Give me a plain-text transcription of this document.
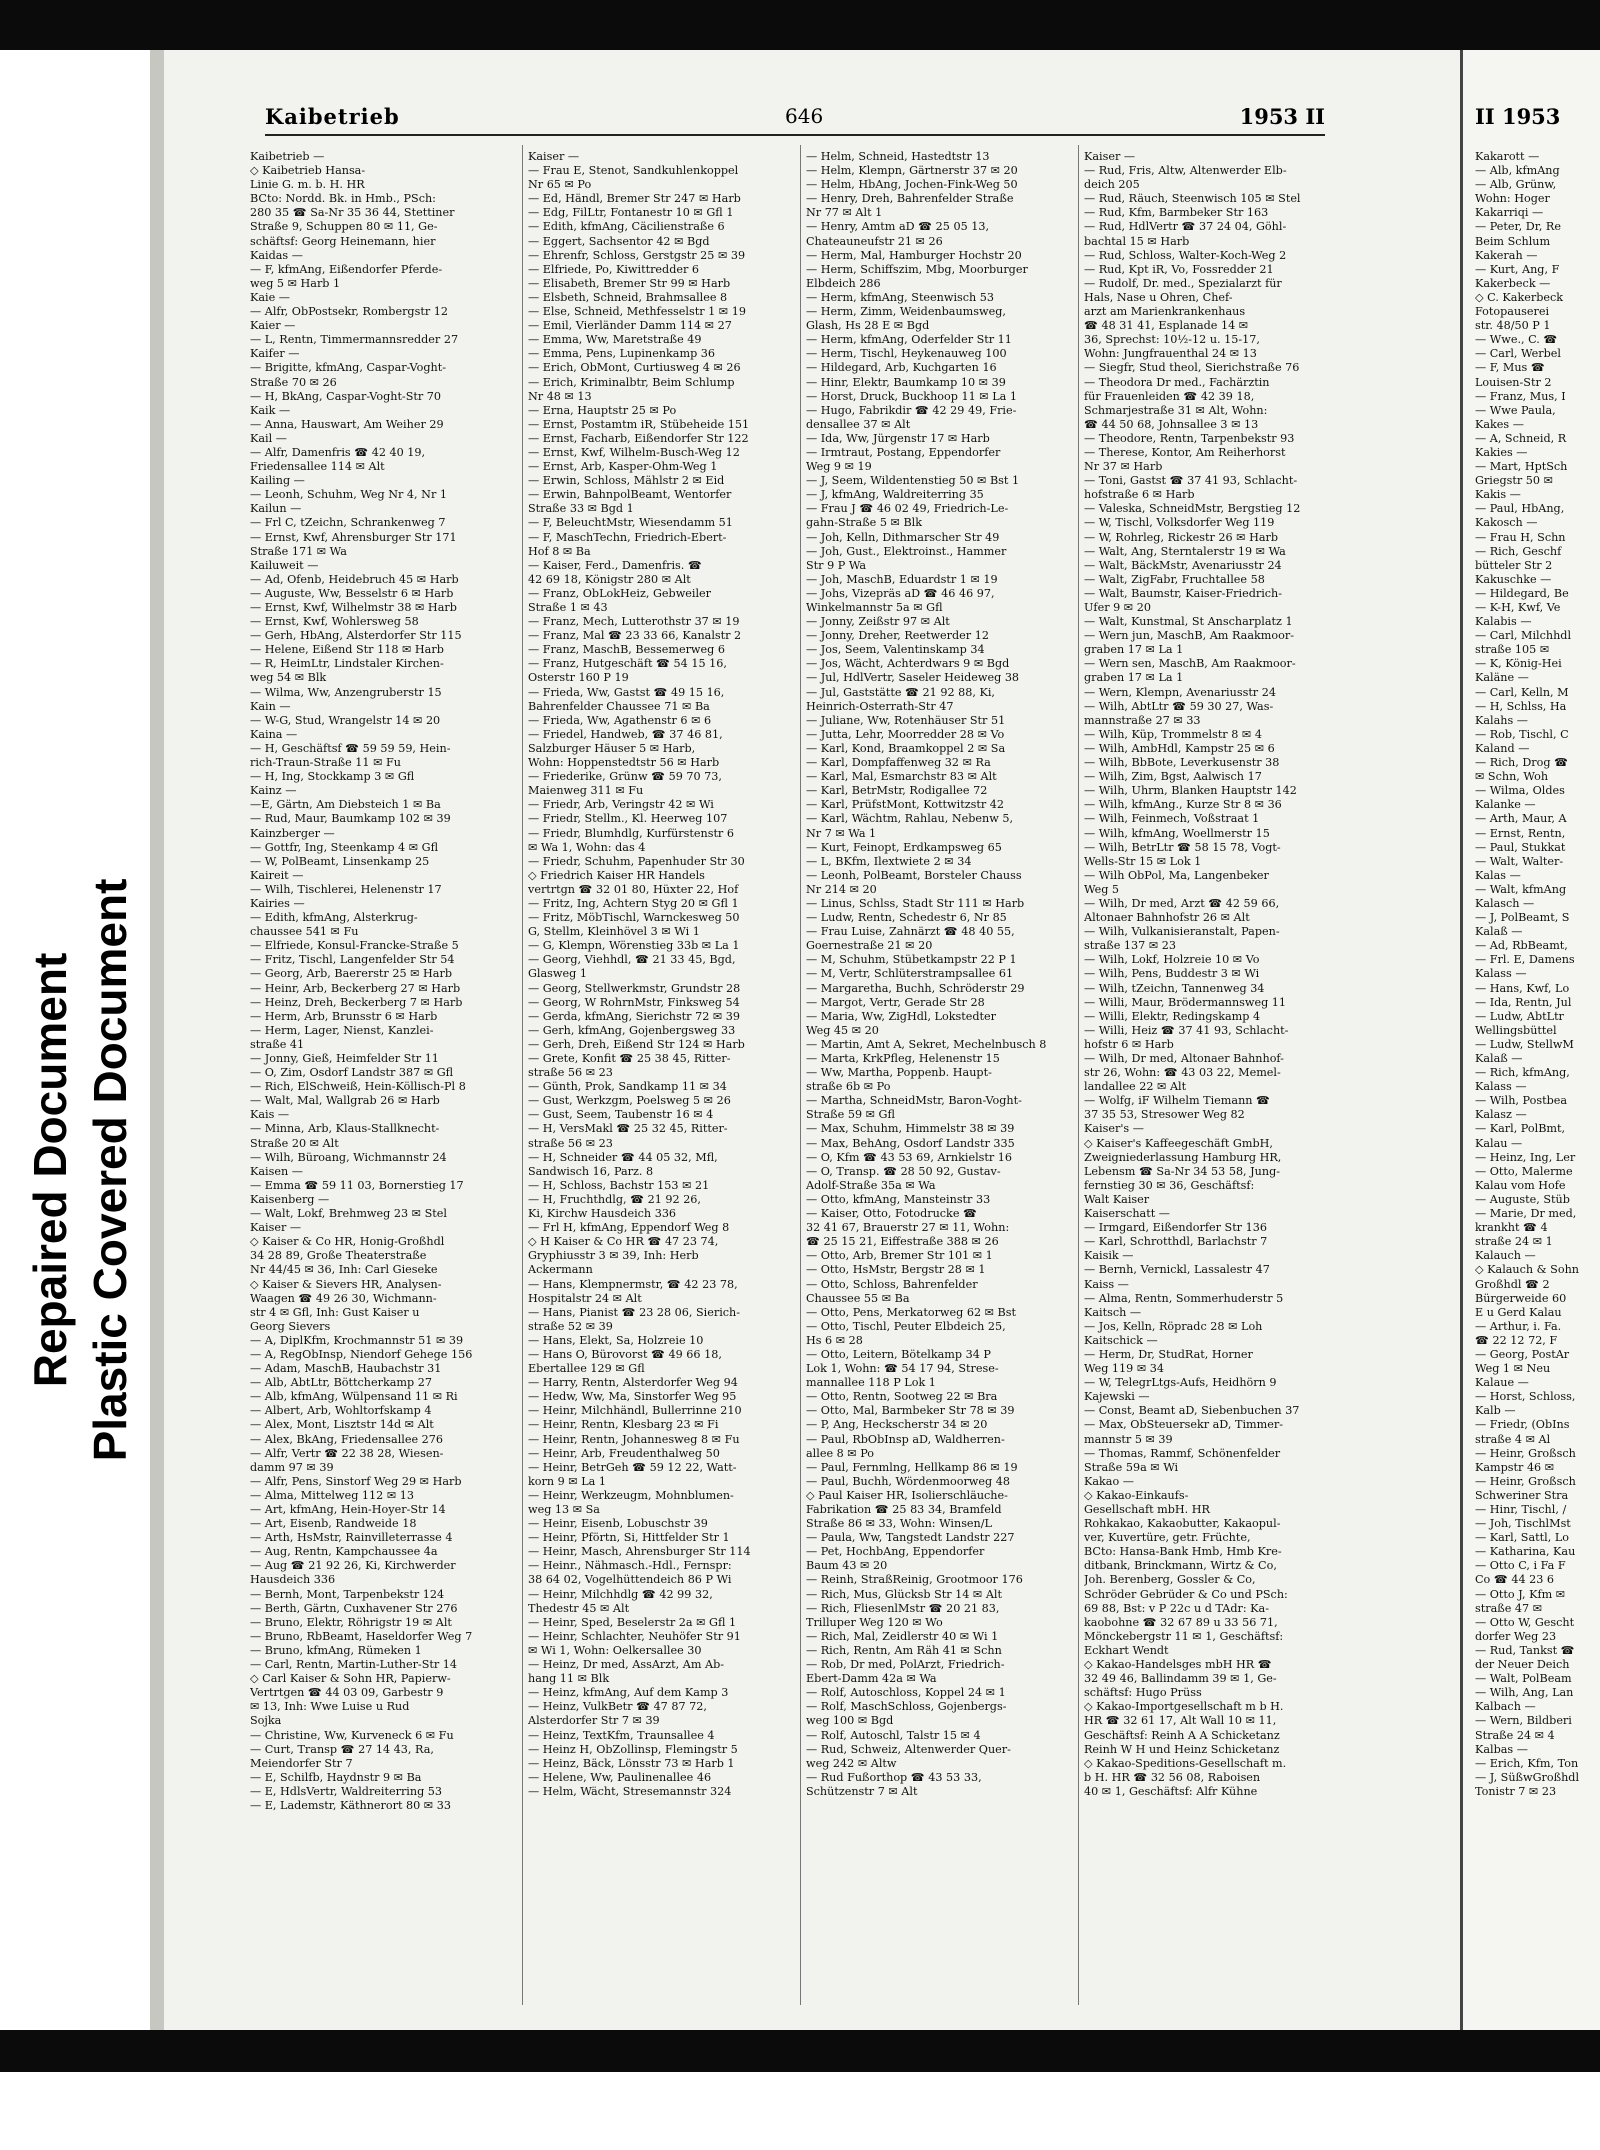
Repaired Document Plastic Covered Document
Kaibetrieb	646	1953 II	II 1953
Kaibetrieb —
◇ Kaibetrieb Hansa-
Linie G. m. b. H. HR
BCto: Nordd. Bk. in Hmb., PSch:
280 35 ☎ Sa-Nr 35 36 44, Stettiner
Straße 9, Schuppen 80 ✉ 11, Ge-
schäftsf: Georg Heinemann, hier
Kaidas —
— F, kfmAng, Eißendorfer Pferde-
weg 5 ✉ Harb 1
Kaie —
— Alfr, ObPostsekr, Rombergstr 12
Kaier —
— L, Rentn, Timmermannsredder 27
Kaifer —
— Brigitte, kfmAng, Caspar-Voght-
Straße 70 ✉ 26
— H, BkAng, Caspar-Voght-Str 70
Kaik —
— Anna, Hauswart, Am Weiher 29
Kail —
— Alfr, Damenfris ☎ 42 40 19,
Friedensallee 114 ✉ Alt
Kailing —
— Leonh, Schuhm, Weg Nr 4, Nr 1
Kailun —
— Frl C, tZeichn, Schrankenweg 7
— Ernst, Kwf, Ahrensburger Str 171
Straße 171 ✉ Wa
Kailuweit —
— Ad, Ofenb, Heidebruch 45 ✉ Harb
— Auguste, Ww, Besselstr 6 ✉ Harb
— Ernst, Kwf, Wilhelmstr 38 ✉ Harb
— Ernst, Kwf, Wohlersweg 58
— Gerh, HbAng, Alsterdorfer Str 115
— Helene, Eißend Str 118 ✉ Harb
— R, HeimLtr, Lindstaler Kirchen-
weg 54 ✉ Blk
— Wilma, Ww, Anzengruberstr 15
Kain —
— W-G, Stud, Wrangelstr 14 ✉ 20
Kaina —
— H, Geschäftsf ☎ 59 59 59, Hein-
rich-Traun-Straße 11 ✉ Fu
— H, Ing, Stockkamp 3 ✉ Gfl
Kainz —
—E, Gärtn, Am Diebsteich 1 ✉ Ba
— Rud, Maur, Baumkamp 102 ✉ 39
Kainzberger —
— Gottfr, Ing, Steenkamp 4 ✉ Gfl
— W, PolBeamt, Linsenkamp 25
Kaireit —
— Wilh, Tischlerei, Helenenstr 17
Kairies —
— Edith, kfmAng, Alsterkrug-
chaussee 541 ✉ Fu
— Elfriede, Konsul-Francke-Straße 5
— Fritz, Tischl, Langenfelder Str 54
— Georg, Arb, Baererstr 25 ✉ Harb
— Heinr, Arb, Beckerberg 27 ✉ Harb
— Heinz, Dreh, Beckerberg 7 ✉ Harb
— Herm, Arb, Brunsstr 6 ✉ Harb
— Herm, Lager, Nienst, Kanzlei-
straße 41
— Jonny, Gieß, Heimfelder Str 11
— O, Zim, Osdorf Landstr 387 ✉ Gfl
— Rich, ElSchweiß, Hein-Köllisch-Pl 8
— Walt, Mal, Wallgrab 26 ✉ Harb
Kais —
— Minna, Arb, Klaus-Stallknecht-
Straße 20 ✉ Alt
— Wilh, Büroang, Wichmannstr 24
Kaisen —
— Emma ☎ 59 11 03, Bornerstieg 17
Kaisenberg —
— Walt, Lokf, Brehmweg 23 ✉ Stel
Kaiser —
◇ Kaiser & Co HR, Honig-Großhdl
34 28 89, Große Theaterstraße
Nr 44/45 ✉ 36, Inh: Carl Gieseke
◇ Kaiser & Sievers HR, Analysen-
Waagen ☎ 49 26 30, Wichmann-
str 4 ✉ Gfl, Inh: Gust Kaiser u
Georg Sievers
— A, DiplKfm, Krochmannstr 51 ✉ 39
— A, RegObInsp, Niendorf Gehege 156
— Adam, MaschB, Haubachstr 31
— Alb, AbtLtr, Böttcherkamp 27
— Alb, kfmAng, Wülpensand 11 ✉ Ri
— Albert, Arb, Wohltorfskamp 4
— Alex, Mont, Lisztstr 14d ✉ Alt
— Alex, BkAng, Friedensallee 276
— Alfr, Vertr ☎ 22 38 28, Wiesen-
damm 97 ✉ 39
— Alfr, Pens, Sinstorf Weg 29 ✉ Harb
— Alma, Mittelweg 112 ✉ 13
— Art, kfmAng, Hein-Hoyer-Str 14
— Art, Eisenb, Randweide 18
— Arth, HsMstr, Rainvilleterrasse 4
— Aug, Rentn, Kampchaussee 4a
— Aug ☎ 21 92 26, Ki, Kirchwerder
Hausdeich 336
— Bernh, Mont, Tarpenbekstr 124
— Berth, Gärtn, Cuxhavener Str 276
— Bruno, Elektr, Röhrigstr 19 ✉ Alt
— Bruno, RbBeamt, Haseldorfer Weg 7
— Bruno, kfmAng, Rümeken 1
— Carl, Rentn, Martin-Luther-Str 14
◇ Carl Kaiser & Sohn HR, Papierw-
Vertrtgen ☎ 44 03 09, Garbestr 9
✉ 13, Inh: Wwe Luise u Rud
Sojka
— Christine, Ww, Kurveneck 6 ✉ Fu
— Curt, Transp ☎ 27 14 43, Ra,
Meiendorfer Str 7
— E, Schilfb, Haydnstr 9 ✉ Ba
— E, HdlsVertr, Waldreiterring 53
— E, Lademstr, Käthnerort 80 ✉ 33
Kaiser —
— Frau E, Stenot, Sandkuhlenkoppel
Nr 65 ✉ Po
— Ed, Händl, Bremer Str 247 ✉ Harb
— Edg, FilLtr, Fontanestr 10 ✉ Gfl 1
— Edith, kfmAng, Cäcilienstraße 6
— Eggert, Sachsentor 42 ✉ Bgd
— Ehrenfr, Schloss, Gerstgstr 25 ✉ 39
— Elfriede, Po, Kiwittredder 6
— Elisabeth, Bremer Str 99 ✉ Harb
— Elsbeth, Schneid, Brahmsallee 8
— Else, Schneid, Methfesselstr 1 ✉ 19
— Emil, Vierländer Damm 114 ✉ 27
— Emma, Ww, Maretstraße 49
— Emma, Pens, Lupinenkamp 36
— Erich, ObMont, Curtiusweg 4 ✉ 26
— Erich, Kriminalbtr, Beim Schlump
Nr 48 ✉ 13
— Erna, Hauptstr 25 ✉ Po
— Ernst, Postamtm iR, Stübeheide 151
— Ernst, Facharb, Eißendorfer Str 122
— Ernst, Kwf, Wilhelm-Busch-Weg 12
— Ernst, Arb, Kasper-Ohm-Weg 1
— Erwin, Schloss, Mählstr 2 ✉ Eid
— Erwin, BahnpolBeamt, Wentorfer
Straße 33 ✉ Bgd 1
— F, BeleuchtMstr, Wiesendamm 51
— F, MaschTechn, Friedrich-Ebert-
Hof 8 ✉ Ba
— Kaiser, Ferd., Damenfris. ☎
42 69 18, Königstr 280 ✉ Alt
— Franz, ObLokHeiz, Gebweiler
Straße 1 ✉ 43
— Franz, Mech, Lutterothstr 37 ✉ 19
— Franz, Mal ☎ 23 33 66, Kanalstr 2
— Franz, MaschB, Bessemerweg 6
— Franz, Hutgeschäft ☎ 54 15 16,
Osterstr 160 P 19
— Frieda, Ww, Gastst ☎ 49 15 16,
Bahrenfelder Chaussee 71 ✉ Ba
— Frieda, Ww, Agathenstr 6 ✉ 6
— Friedel, Handweb, ☎ 37 46 81,
Salzburger Häuser 5 ✉ Harb,
Wohn: Hoppenstedtstr 56 ✉ Harb
— Friederike, Grünw ☎ 59 70 73,
Maienweg 311 ✉ Fu
— Friedr, Arb, Veringstr 42 ✉ Wi
— Friedr, Stellm., Kl. Heerweg 107
— Friedr, Blumhdlg, Kurfürstenstr 6
✉ Wa 1, Wohn: das 4
— Friedr, Schuhm, Papenhuder Str 30
◇ Friedrich Kaiser HR Handels
vertrtgn ☎ 32 01 80, Hüxter 22, Hof
— Fritz, Ing, Achtern Styg 20 ✉ Gfl 1
— Fritz, MöbTischl, Warnckesweg 50
G, Stellm, Kleinhövel 3 ✉ Wi 1
— G, Klempn, Wörenstieg 33b ✉ La 1
— Georg, Viehhdl, ☎ 21 33 45, Bgd,
Glasweg 1
— Georg, Stellwerkmstr, Grundstr 28
— Georg, W RohrnMstr, Finksweg 54
— Gerda, kfmAng, Sierichstr 72 ✉ 39
— Gerh, kfmAng, Gojenbergsweg 33
— Gerh, Dreh, Eißend Str 124 ✉ Harb
— Grete, Konfit ☎ 25 38 45, Ritter-
straße 56 ✉ 23
— Günth, Prok, Sandkamp 11 ✉ 34
— Gust, Werkzgm, Poelsweg 5 ✉ 26
— Gust, Seem, Taubenstr 16 ✉ 4
— H, VersMakl ☎ 25 32 45, Ritter-
straße 56 ✉ 23
— H, Schneider ☎ 44 05 32, Mfl,
Sandwisch 16, Parz. 8
— H, Schloss, Bachstr 153 ✉ 21
— H, Fruchthdlg, ☎ 21 92 26,
Ki, Kirchw Hausdeich 336
— Frl H, kfmAng, Eppendorf Weg 8
◇ H Kaiser & Co HR ☎ 47 23 74,
Gryphiusstr 3 ✉ 39, Inh: Herb
Ackermann
— Hans, Klempnermstr, ☎ 42 23 78,
Hospitalstr 24 ✉ Alt
— Hans, Pianist ☎ 23 28 06, Sierich-
straße 52 ✉ 39
— Hans, Elekt, Sa, Holzreie 10
— Hans O, Bürovorst ☎ 49 66 18,
Ebertallee 129 ✉ Gfl
— Harry, Rentn, Alsterdorfer Weg 94
— Hedw, Ww, Ma, Sinstorfer Weg 95
— Heinr, Milchhändl, Bullerrinne 210
— Heinr, Rentn, Klesbarg 23 ✉ Fi
— Heinr, Rentn, Johannesweg 8 ✉ Fu
— Heinr, Arb, Freudenthalweg 50
— Heinr, BetrGeh ☎ 59 12 22, Watt-
korn 9 ✉ La 1
— Heinr, Werkzeugm, Mohnblumen-
weg 13 ✉ Sa
— Heinr, Eisenb, Lobuschstr 39
— Heinr, Pförtn, Si, Hittfelder Str 1
— Heinr, Masch, Ahrensburger Str 114
— Heinr., Nähmasch.-Hdl., Fernspr:
38 64 02, Vogelhüttendeich 86 P Wi
— Heinr, Milchhdlg ☎ 42 99 32,
Thedestr 45 ✉ Alt
— Heinr, Sped, Beselerstr 2a ✉ Gfl 1
— Heinr, Schlachter, Neuhöfer Str 91
✉ Wi 1, Wohn: Oelkersallee 30
— Heinz, Dr med, AssArzt, Am Ab-
hang 11 ✉ Blk
— Heinz, kfmAng, Auf dem Kamp 3
— Heinz, VulkBetr ☎ 47 87 72,
Alsterdorfer Str 7 ✉ 39
— Heinz, TextKfm, Traunsallee 4
— Heinz H, ObZollinsp, Flemingstr 5
— Heinz, Bäck, Lönsstr 73 ✉ Harb 1
— Helene, Ww, Paulinenallee 46
— Helm, Wächt, Stresemannstr 324
— Helm, Schneid, Hastedtstr 13
— Helm, Klempn, Gärtnerstr 37 ✉ 20
— Helm, HbAng, Jochen-Fink-Weg 50
— Henry, Dreh, Bahrenfelder Straße
Nr 77 ✉ Alt 1
— Henry, Amtm aD ☎ 25 05 13,
Chateauneufstr 21 ✉ 26
— Herm, Mal, Hamburger Hochstr 20
— Herm, Schiffszim, Mbg, Moorburger
Elbdeich 286
— Herm, kfmAng, Steenwisch 53
— Herm, Zimm, Weidenbaumsweg,
Glash, Hs 28 E ✉ Bgd
— Herm, kfmAng, Oderfelder Str 11
— Herm, Tischl, Heykenauweg 100
— Hildegard, Arb, Kuchgarten 16
— Hinr, Elektr, Baumkamp 10 ✉ 39
— Horst, Druck, Buckhoop 11 ✉ La 1
— Hugo, Fabrikdir ☎ 42 29 49, Frie-
densallee 37 ✉ Alt
— Ida, Ww, Jürgenstr 17 ✉ Harb
— Irmtraut, Postang, Eppendorfer
Weg 9 ✉ 19
— J, Seem, Wildentenstieg 50 ✉ Bst 1
— J, kfmAng, Waldreiterring 35
— Frau J ☎ 46 02 49, Friedrich-Le-
gahn-Straße 5 ✉ Blk
— Joh, Kelln, Dithmarscher Str 49
— Joh, Gust., Elektroinst., Hammer
Str 9 P Wa
— Joh, MaschB, Eduardstr 1 ✉ 19
— Johs, Vizepräs aD ☎ 46 46 97,
Winkelmannstr 5a ✉ Gfl
— Jonny, Zeißstr 97 ✉ Alt
— Jonny, Dreher, Reetwerder 12
— Jos, Seem, Valentinskamp 34
— Jos, Wächt, Achterdwars 9 ✉ Bgd
— Jul, HdlVertr, Saseler Heideweg 38
— Jul, Gaststätte ☎ 21 92 88, Ki,
Heinrich-Osterrath-Str 47
— Juliane, Ww, Rotenhäuser Str 51
— Jutta, Lehr, Moorredder 28 ✉ Vo
— Karl, Kond, Braamkoppel 2 ✉ Sa
— Karl, Dompfaffenweg 32 ✉ Ra
— Karl, Mal, Esmarchstr 83 ✉ Alt
— Karl, BetrMstr, Rodigallee 72
— Karl, PrüfstMont, Kottwitzstr 42
— Karl, Wächtm, Rahlau, Nebenw 5,
Nr 7 ✉ Wa 1
— Kurt, Feinopt, Erdkampsweg 65
— L, BKfm, Ilextwiete 2 ✉ 34
— Leonh, PolBeamt, Borsteler Chauss
Nr 214 ✉ 20
— Linus, Schlss, Stadt Str 111 ✉ Harb
— Ludw, Rentn, Schedestr 6, Nr 85
— Frau Luise, Zahnärzt ☎ 48 40 55,
Goernestraße 21 ✉ 20
— M, Schuhm, Stübetkampstr 22 P 1
— M, Vertr, Schlüterstrampsallee 61
— Margaretha, Buchh, Schröderstr 29
— Margot, Vertr, Gerade Str 28
— Maria, Ww, ZigHdl, Lokstedter
Weg 45 ✉ 20
— Martin, Amt A, Sekret, Mechelnbusch 8
— Marta, KrkPfleg, Helenenstr 15
— Ww, Martha, Poppenb. Haupt-
straße 6b ✉ Po
— Martha, SchneidMstr, Baron-Voght-
Straße 59 ✉ Gfl
— Max, Schuhm, Himmelstr 38 ✉ 39
— Max, BehAng, Osdorf Landstr 335
— O, Kfm ☎ 43 53 69, Arnkielstr 16
— O, Transp. ☎ 28 50 92, Gustav-
Adolf-Straße 35a ✉ Wa
— Otto, kfmAng, Mansteinstr 33
— Kaiser, Otto, Fotodrucke ☎
32 41 67, Brauerstr 27 ✉ 11, Wohn:
☎ 25 15 21, Eiffestraße 388 ✉ 26
— Otto, Arb, Bremer Str 101 ✉ 1
— Otto, HsMstr, Bergstr 28 ✉ 1
— Otto, Schloss, Bahrenfelder
Chaussee 55 ✉ Ba
— Otto, Pens, Merkatorweg 62 ✉ Bst
— Otto, Tischl, Peuter Elbdeich 25,
Hs 6 ✉ 28
— Otto, Leitern, Bötelkamp 34 P
Lok 1, Wohn: ☎ 54 17 94, Strese-
mannallee 118 P Lok 1
— Otto, Rentn, Sootweg 22 ✉ Bra
— Otto, Mal, Barmbeker Str 78 ✉ 39
— P, Ang, Heckscherstr 34 ✉ 20
— Paul, RbObInsp aD, Waldherren-
allee 8 ✉ Po
— Paul, Fernmlng, Hellkamp 86 ✉ 19
— Paul, Buchh, Wördenmoorweg 48
◇ Paul Kaiser HR, Isolierschläuche-
Fabrikation ☎ 25 83 34, Bramfeld
Straße 86 ✉ 33, Wohn: Winsen/L
— Paula, Ww, Tangstedt Landstr 227
— Pet, HochbAng, Eppendorfer
Baum 43 ✉ 20
— Reinh, StraßReinig, Grootmoor 176
— Rich, Mus, Glücksb Str 14 ✉ Alt
— Rich, FliesenlMstr ☎ 20 21 83,
Trilluper Weg 120 ✉ Wo
— Rich, Mal, Zeidlerstr 40 ✉ Wi 1
— Rich, Rentn, Am Räh 41 ✉ Schn
— Rob, Dr med, PolArzt, Friedrich-
Ebert-Damm 42a ✉ Wa
— Rolf, Autoschloss, Koppel 24 ✉ 1
— Rolf, MaschSchloss, Gojenbergs-
weg 100 ✉ Bgd
— Rolf, Autoschl, Talstr 15 ✉ 4
— Rud, Schweiz, Altenwerder Quer-
weg 242 ✉ Altw
— Rud Fußorthop ☎ 43 53 33,
Schützenstr 7 ✉ Alt
Kaiser —
— Rud, Fris, Altw, Altenwerder Elb-
deich 205
— Rud, Räuch, Steenwisch 105 ✉ Stel
— Rud, Kfm, Barmbeker Str 163
— Rud, HdlVertr ☎ 37 24 04, Göhl-
bachtal 15 ✉ Harb
— Rud, Schloss, Walter-Koch-Weg 2
— Rud, Kpt iR, Vo, Fossredder 21
— Rudolf, Dr. med., Spezialarzt für
Hals, Nase u Ohren, Chef-
arzt am Marienkrankenhaus
☎ 48 31 41, Esplanade 14 ✉
36, Sprechst: 10½-12 u. 15-17,
Wohn: Jungfrauenthal 24 ✉ 13
— Siegfr, Stud theol, Sierichstraße 76
— Theodora Dr med., Fachärztin
für Frauenleiden ☎ 42 39 18,
Schmarjestraße 31 ✉ Alt, Wohn:
☎ 44 50 68, Johnsallee 3 ✉ 13
— Theodore, Rentn, Tarpenbekstr 93
— Therese, Kontor, Am Reiherhorst
Nr 37 ✉ Harb
— Toni, Gastst ☎ 37 41 93, Schlacht-
hofstraße 6 ✉ Harb
— Valeska, SchneidMstr, Bergstieg 12
— W, Tischl, Volksdorfer Weg 119
— W, Rohrleg, Rickestr 26 ✉ Harb
— Walt, Ang, Sterntalerstr 19 ✉ Wa
— Walt, BäckMstr, Avenariusstr 24
— Walt, ZigFabr, Fruchtallee 58
— Walt, Baumstr, Kaiser-Friedrich-
Ufer 9 ✉ 20
— Walt, Kunstmal, St Anscharplatz 1
— Wern jun, MaschB, Am Raakmoor-
graben 17 ✉ La 1
— Wern sen, MaschB, Am Raakmoor-
graben 17 ✉ La 1
— Wern, Klempn, Avenariusstr 24
— Wilh, AbtLtr ☎ 59 30 27, Was-
mannstraße 27 ✉ 33
— Wilh, Küp, Trommelstr 8 ✉ 4
— Wilh, AmbHdl, Kampstr 25 ✉ 6
— Wilh, BbBote, Leverkusenstr 38
— Wilh, Zim, Bgst, Aalwisch 17
— Wilh, Uhrm, Blanken Hauptstr 142
— Wilh, kfmAng., Kurze Str 8 ✉ 36
— Wilh, Feinmech, Voßstraat 1
— Wilh, kfmAng, Woellmerstr 15
— Wilh, BetrLtr ☎ 58 15 78, Vogt-
Wells-Str 15 ✉ Lok 1
— Wilh ObPol, Ma, Langenbeker
Weg 5
— Wilh, Dr med, Arzt ☎ 42 59 66,
Altonaer Bahnhofstr 26 ✉ Alt
— Wilh, Vulkanisieranstalt, Papen-
straße 137 ✉ 23
— Wilh, Lokf, Holzreie 10 ✉ Vo
— Wilh, Pens, Buddestr 3 ✉ Wi
— Wilh, tZeichn, Tannenweg 34
— Willi, Maur, Brödermannsweg 11
— Willi, Elektr, Redingskamp 4
— Willi, Heiz ☎ 37 41 93, Schlacht-
hofstr 6 ✉ Harb
— Wilh, Dr med, Altonaer Bahnhof-
str 26, Wohn: ☎ 43 03 22, Memel-
landallee 22 ✉ Alt
— Wolfg, iF Wilhelm Tiemann ☎
37 35 53, Stresower Weg 82
Kaiser's —
◇ Kaiser's Kaffeegeschäft GmbH,
Zweigniederlassung Hamburg HR,
Lebensm ☎ Sa-Nr 34 53 58, Jung-
fernstieg 30 ✉ 36, Geschäftsf:
Walt Kaiser
Kaiserschatt —
— Irmgard, Eißendorfer Str 136
— Karl, Schrotthdl, Barlachstr 7
Kaisik —
— Bernh, Vernickl, Lassalestr 47
Kaiss —
— Alma, Rentn, Sommerhuderstr 5
Kaitsch —
— Jos, Kelln, Röpradc 28 ✉ Loh
Kaitschick —
— Herm, Dr, StudRat, Horner
Weg 119 ✉ 34
— W, TelegrLtgs-Aufs, Heidhörn 9
Kajewski —
— Const, Beamt aD, Siebenbuchen 37
— Max, ObSteuersekr aD, Timmer-
mannstr 5 ✉ 39
— Thomas, Rammf, Schönenfelder
Straße 59a ✉ Wi
Kakao —
◇ Kakao-Einkaufs-
Gesellschaft mbH. HR
Rohkakao, Kakaobutter, Kakaopul-
ver, Kuvertüre, getr. Früchte,
BCto: Hansa-Bank Hmb, Hmb Kre-
ditbank, Brinckmann, Wirtz & Co,
Joh. Berenberg, Gossler & Co,
Schröder Gebrüder & Co und PSch:
69 88, Bst: v P 22c u d TAdr: Ka-
kaobohne ☎ 32 67 89 u 33 56 71,
Mönckebergstr 11 ✉ 1, Geschäftsf:
Eckhart Wendt
◇ Kakao-Handelsges mbH HR ☎
32 49 46, Ballindamm 39 ✉ 1, Ge-
schäftsf: Hugo Prüss
◇ Kakao-Importgesellschaft m b H.
HR ☎ 32 61 17, Alt Wall 10 ✉ 11,
Geschäftsf: Reinh A A Schicketanz
Reinh W H und Heinz Schicketanz
◇ Kakao-Speditions-Gesellschaft m.
b H. HR ☎ 32 56 08, Raboisen
40 ✉ 1, Geschäftsf: Alfr Kühne
Kakarott —
— Alb, kfmAng
— Alb, Grünw,
Wohn: Hoger
Kakarriqi —
— Peter, Dr, Re
Beim Schlum
Kakerah —
— Kurt, Ang, F
Kakerbeck —
◇ C. Kakerbeck
Fotopauserei
str. 48/50 P 1
— Wwe., C. ☎
— Carl, Werbel
— F, Mus ☎
Louisen-Str 2
— Franz, Mus, I
— Wwe Paula,
Kakes —
— A, Schneid, R
Kakies —
— Mart, HptSch
Griegstr 50 ✉
Kakis —
— Paul, HbAng,
Kakosch —
— Frau H, Schn
— Rich, Geschf
bütteler Str 2
Kakuschke —
— Hildegard, Be
— K-H, Kwf, Ve
Kalabis —
— Carl, Milchhdl
straße 105 ✉
— K, König-Hei
Kaläne —
— Carl, Kelln, M
— H, Schlss, Ha
Kalahs —
— Rob, Tischl, C
Kaland —
— Rich, Drog ☎
✉ Schn, Woh
— Wilma, Oldes
Kalanke —
— Arth, Maur, A
— Ernst, Rentn,
— Paul, Stukkat
— Walt, Walter-
Kalas —
— Walt, kfmAng
Kalasch —
— J, PolBeamt, S
Kalaß —
— Ad, RbBeamt,
— Frl. E, Damens
Kalass —
— Hans, Kwf, Lo
— Ida, Rentn, Jul
— Ludw, AbtLtr
Wellingsbüttel
— Ludw, StellwM
Kalaß —
— Rich, kfmAng,
Kalass —
— Wilh, Postbea
Kalasz —
— Karl, PolBmt,
Kalau —
— Heinz, Ing, Ler
— Otto, Malerme
Kalau vom Hofe
— Auguste, Stüb
— Marie, Dr med,
krankht ☎ 4
straße 24 ✉ 1
Kalauch —
◇ Kalauch & Sohn
Großhdl ☎ 2
Bürgerweide 60
E u Gerd Kalau
— Arthur, i. Fa.
☎ 22 12 72, F
— Georg, PostAr
Weg 1 ✉ Neu
Kalaue —
— Horst, Schloss,
Kalb —
— Friedr, (ObIns
straße 4 ✉ Al
— Heinr, Großsch
Kampstr 46 ✉
— Heinr, Großsch
Schweriner Stra
— Hinr, Tischl, /
— Joh, TischlMst
— Karl, Sattl, Lo
— Katharina, Kau
— Otto C, i Fa F
Co ☎ 44 23 6
— Otto J, Kfm ✉
straße 47 ✉
— Otto W, Gescht
dorfer Weg 23
— Rud, Tankst ☎
der Neuer Deich
— Walt, PolBeam
— Wilh, Ang, Lan
Kalbach —
— Wern, Bildberi
Straße 24 ✉ 4
Kalbas —
— Erich, Kfm, Ton
— J, SüßwGroßhdl
Tonistr 7 ✉ 23
